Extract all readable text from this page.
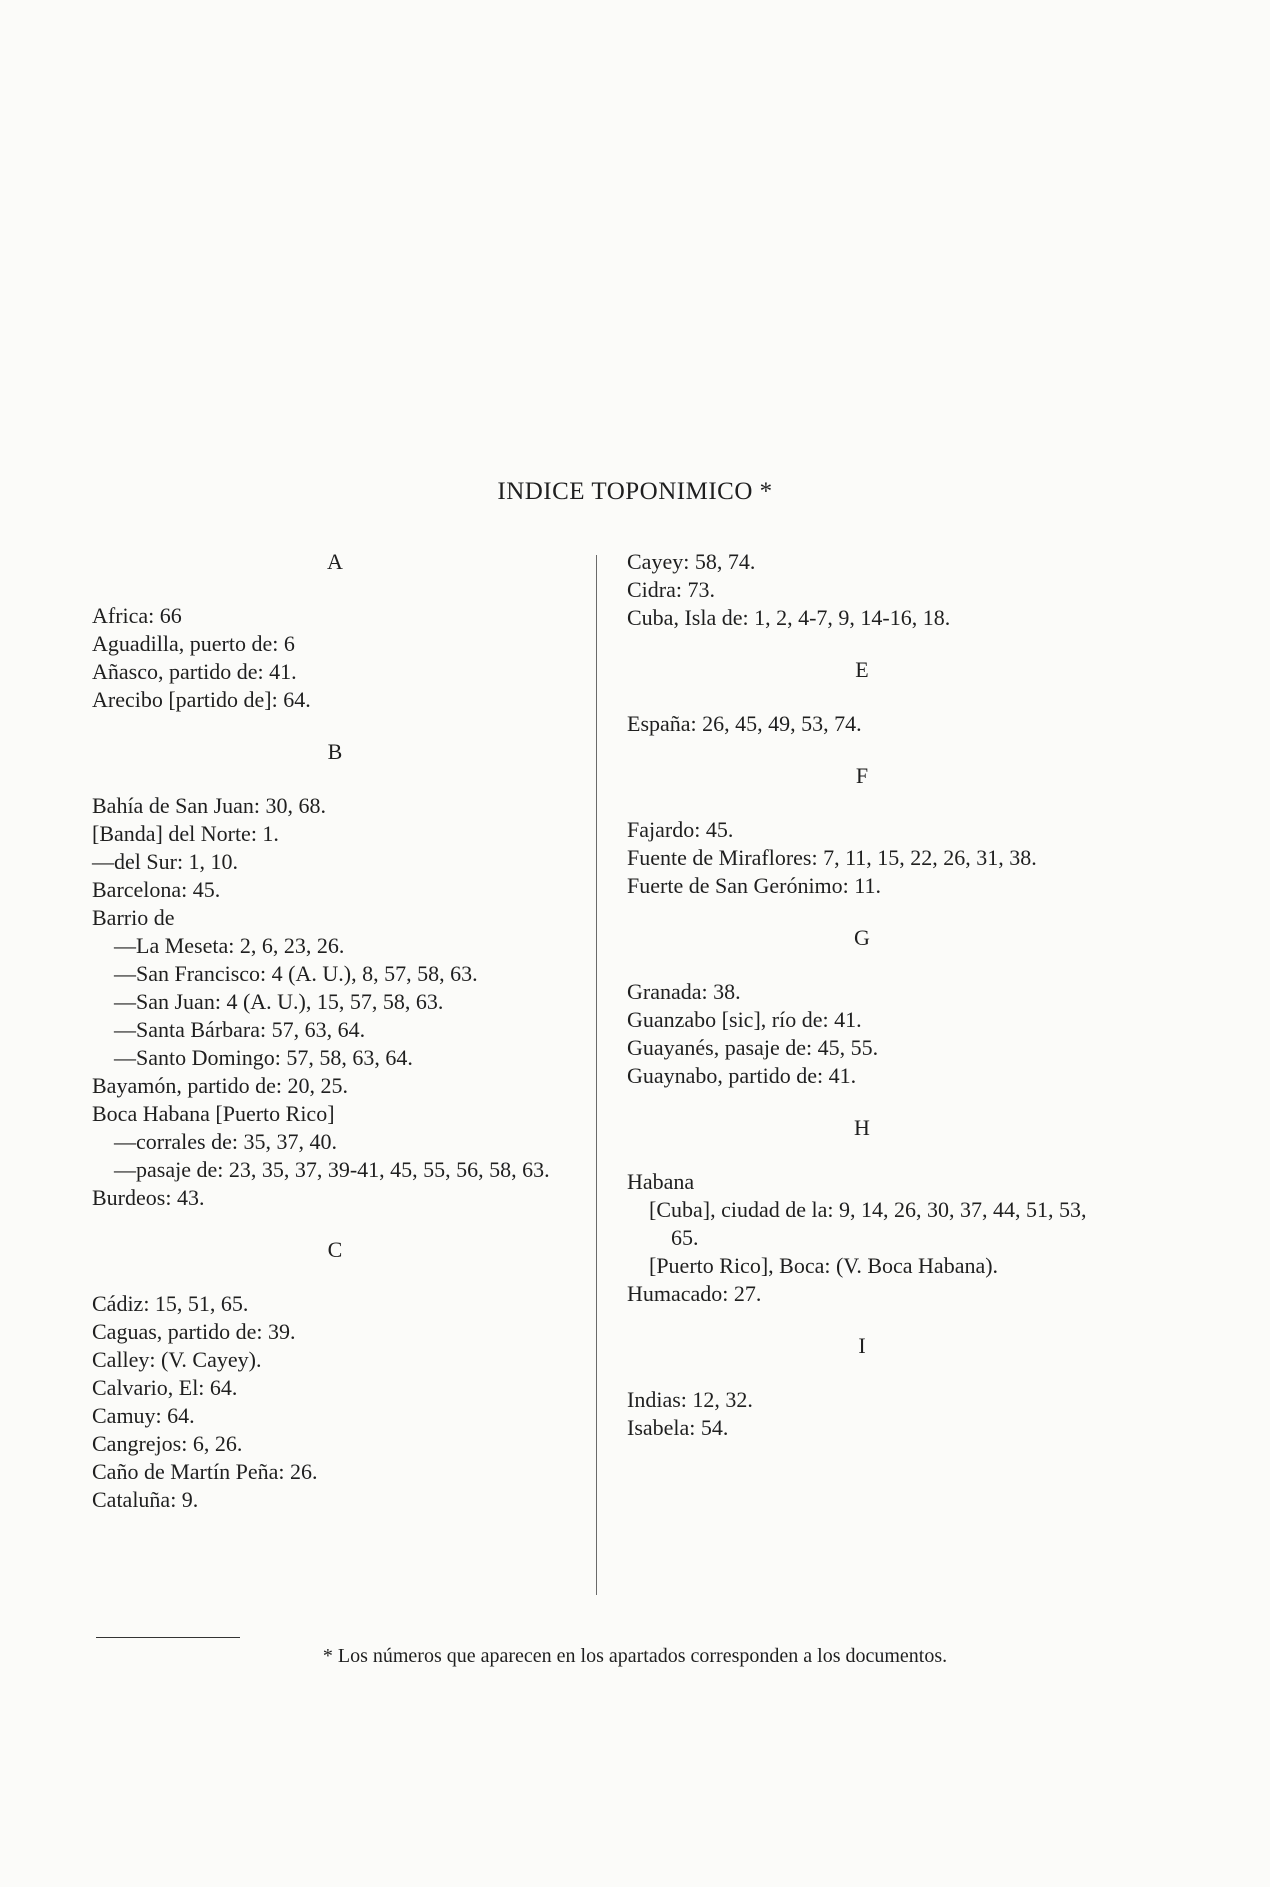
INDICE TOPONIMICO *

A

Africa: 66

Aguadilla, puerto de: 6

Añasco, partido de: 41.

Arecibo [partido de]: 64.

B

Bahía de San Juan: 30, 68.

[Banda] del Norte: 1.

—del Sur: 1, 10.

Barcelona: 45.

Barrio de

—La Meseta: 2, 6, 23, 26.

—San Francisco: 4 (A. U.), 8, 57, 58, 63.

—San Juan: 4 (A. U.), 15, 57, 58, 63.

—Santa Bárbara: 57, 63, 64.

—Santo Domingo: 57, 58, 63, 64.

Bayamón, partido de: 20, 25.

Boca Habana [Puerto Rico]

—corrales de: 35, 37, 40.

—pasaje de: 23, 35, 37, 39-41, 45, 55, 56, 58, 63.

Burdeos: 43.

C

Cádiz: 15, 51, 65.

Caguas, partido de: 39.

Calley: (V. Cayey).

Calvario, El: 64.

Camuy: 64.

Cangrejos: 6, 26.

Caño de Martín Peña: 26.

Cataluña: 9.

Cayey: 58, 74.

Cidra: 73.

Cuba, Isla de: 1, 2, 4-7, 9, 14-16, 18.

E

España: 26, 45, 49, 53, 74.

F

Fajardo: 45.

Fuente de Miraflores: 7, 11, 15, 22, 26, 31, 38.

Fuerte de San Gerónimo: 11.

G

Granada: 38.

Guanzabo [sic], río de: 41.

Guayanés, pasaje de: 45, 55.

Guaynabo, partido de: 41.

H

Habana

[Cuba], ciudad de la: 9, 14, 26, 30, 37, 44, 51, 53, 65.

[Puerto Rico], Boca: (V. Boca Habana).

Humacado: 27.

I

Indias: 12, 32.

Isabela: 54.

* Los números que aparecen en los apartados corresponden a los documentos.
